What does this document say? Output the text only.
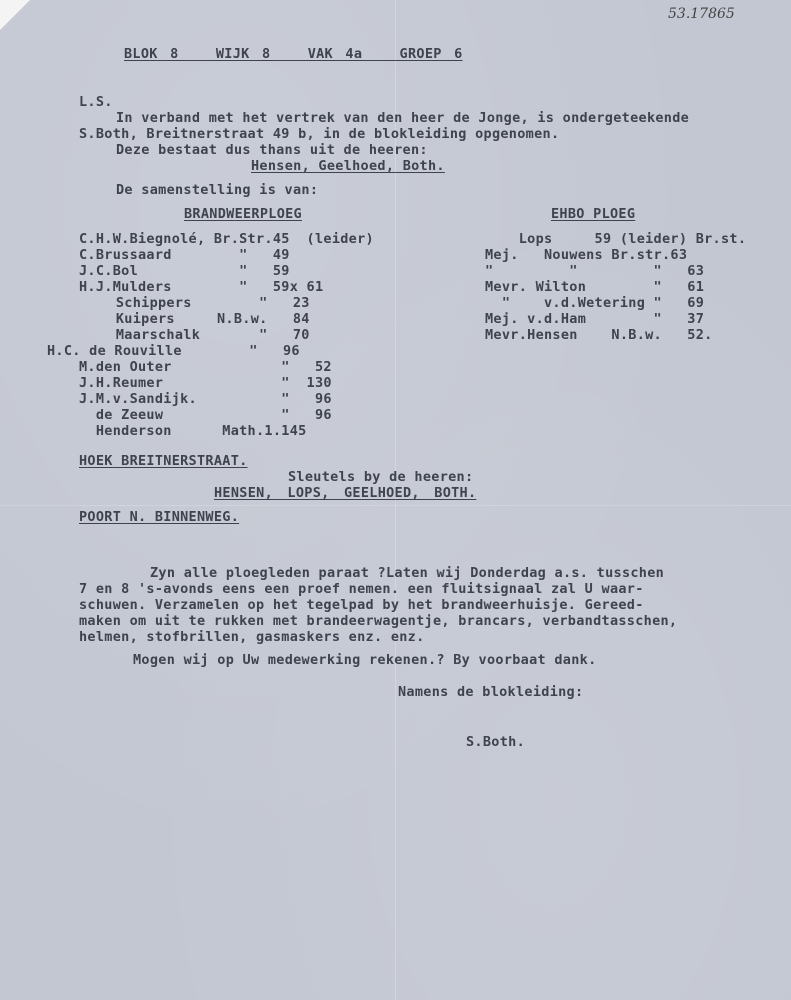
53.17865
BLOK 8   WIJK 8   VAK 4a   GROEP 6
L.S.
In verband met het vertrek van den heer de Jonge, is ondergeteekende
S.Both, Breitnerstraat 49 b, in de blokleiding opgenomen.
Deze bestaat dus thans uit de heeren:
Hensen, Geelhoed, Both.
De samenstelling is van:
BRANDWEERPLOEG
C.H.W.Biegnolé, Br.Str.45  (leider)
C.Brussaard        "   49
J.C.Bol            "   59
H.J.Mulders        "   59x 61
Schippers        "   23
Kuipers     N.B.w.   84
Maarschalk       "   70
H.C. de Rouville        "   96
M.den Outer             "   52
J.H.Reumer              "  130
J.M.v.Sandijk.          "   96
de Zeeuw              "   96
Henderson      Math.1.145
EHBO PLOEG
Lops     59 (leider) Br.st.
Mej.   Nouwens Br.str.63
"         "         "   63
Mevr. Wilton        "   61
"    v.d.Wetering "   69
Mej. v.d.Ham        "   37
Mevr.Hensen    N.B.w.   52.
HOEK BREITNERSTRAAT.
Sleutels by de heeren:
HENSEN, LOPS, GEELHOED, BOTH.
POORT N. BINNENWEG.
Zyn alle ploegleden paraat ?Laten wij Donderdag a.s. tusschen
7 en 8 's-avonds eens een proef nemen. een fluitsignaal zal U waar-
schuwen. Verzamelen op het tegelpad by het brandweerhuisje. Gereed-
maken om uit te rukken met brandeerwagentje, brancars, verbandtasschen,
helmen, stofbrillen, gasmaskers enz. enz.
Mogen wij op Uw medewerking rekenen.? By voorbaat dank.
Namens de blokleiding:
S.Both.
